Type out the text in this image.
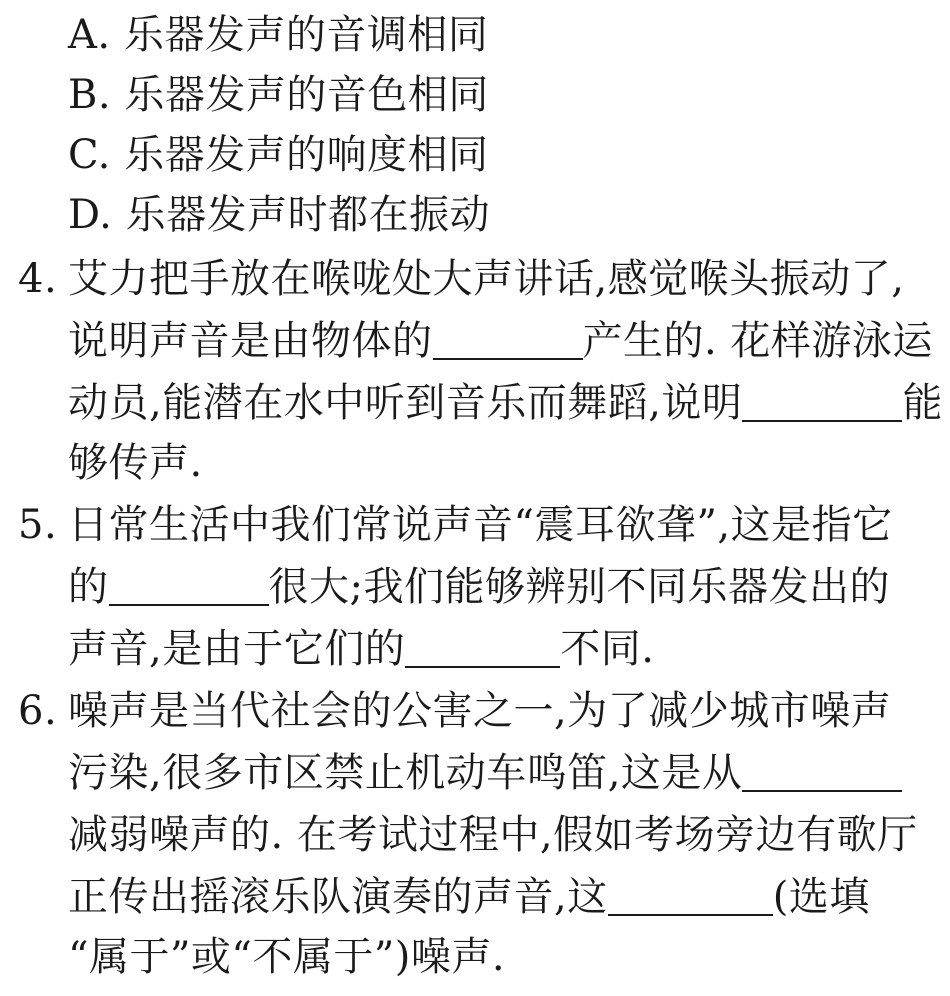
A. 乐器发声的音调相同
B. 乐器发声的音色相同
C. 乐器发声的响度相同
D. 乐器发声时都在振动
4. 艾力把手放在喉咙处大声讲话,感觉喉头振动了,
说明声音是由物体的	产生的. 花样游泳运
动员,能潜在水中听到音乐而舞蹈,说明	能
够传声.
5. 日常生活中我们常说声音“震耳欲聋”,这是指它
的	很大;我们能够辨别不同乐器发出的
声音,是由于它们的	不同.
6. 噪声是当代社会的公害之一,为了减少城市噪声
污染,很多市区禁止机动车鸣笛,这是从
减弱噪声的. 在考试过程中,假如考场旁边有歌厅
正传出摇滚乐队演奏的声音,这	(选填
“属于”或“不属于”)噪声.
